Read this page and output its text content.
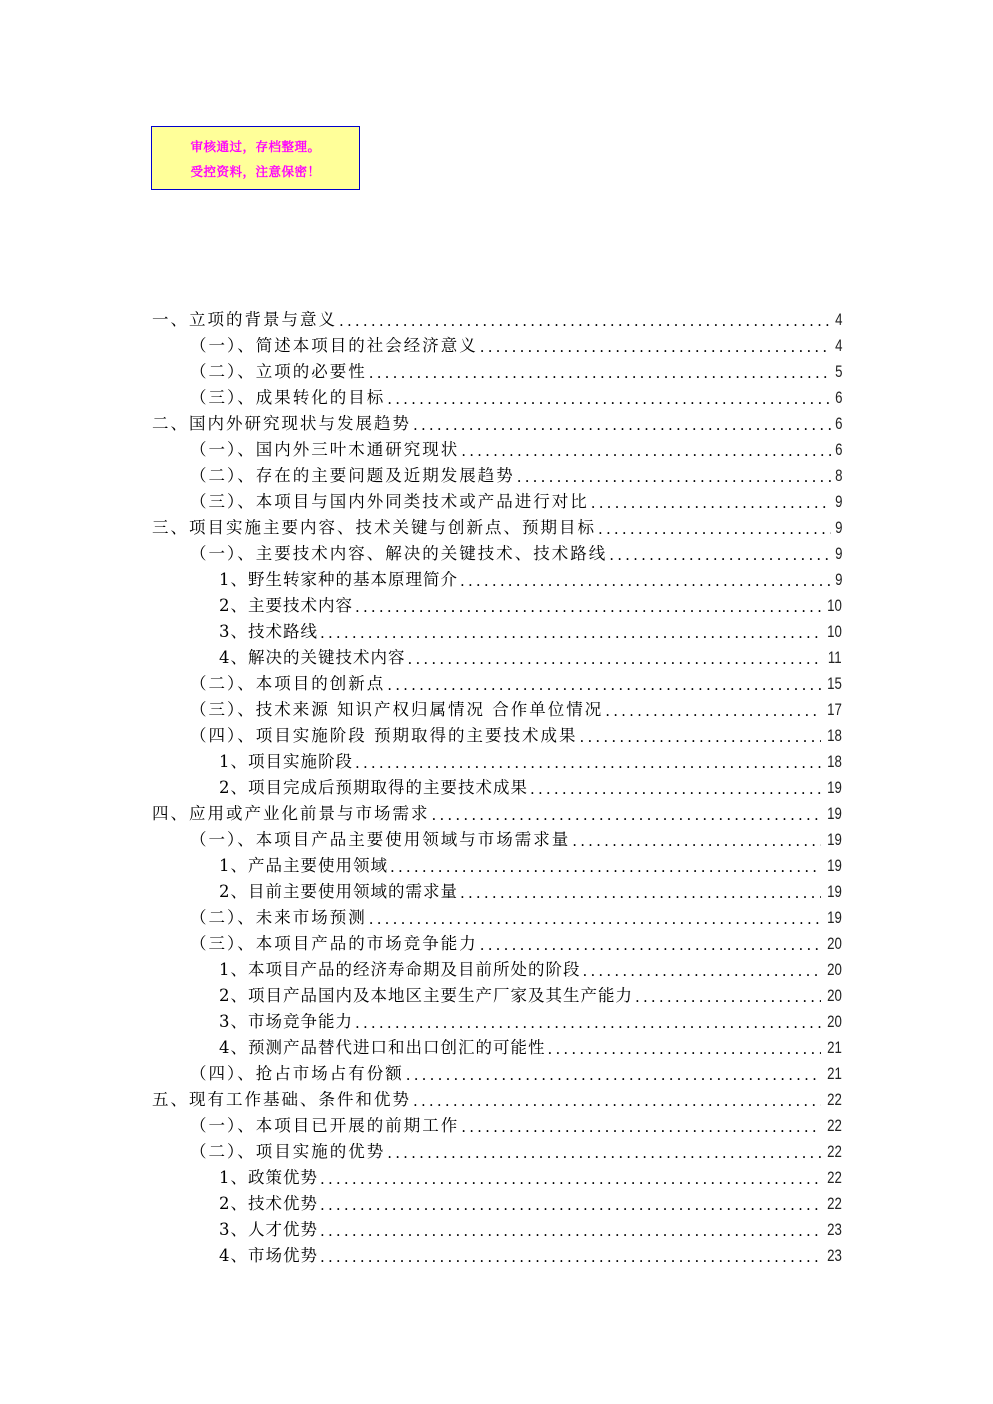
审核通过，存档整理。
受控资料，注意保密！
一、立项的背景与意义 .....	4
（一）、简述本项目的社会经济意义 .....	4
（二）、立项的必要性 .....	5
（三）、成果转化的目标 .....	6
二、国内外研究现状与发展趋势 .....	6
（一）、国内外三叶木通研究现状 .....	6
（二）、存在的主要问题及近期发展趋势 .....	8
（三）、本项目与国内外同类技术或产品进行对比 .....	9
三、项目实施主要内容、技术关键与创新点、预期目标 .....	9
（一）、主要技术内容、解决的关键技术、技术路线 .....	9
1、野生转家种的基本原理简介 .....	9
2、主要技术内容 .....	10
3、技术路线 .....	10
4、解决的关键技术内容 .....	11
（二）、本项目的创新点 .....	15
（三）、技术来源 知识产权归属情况 合作单位情况 .....	17
（四）、项目实施阶段 预期取得的主要技术成果 .....	18
1、项目实施阶段 .....	18
2、项目完成后预期取得的主要技术成果 .....	19
四、应用或产业化前景与市场需求 .....	19
（一）、本项目产品主要使用领域与市场需求量 .....	19
1、产品主要使用领域 .....	19
2、目前主要使用领域的需求量 .....	19
（二）、未来市场预测 .....	19
（三）、本项目产品的市场竞争能力 .....	20
1、本项目产品的经济寿命期及目前所处的阶段 .....	20
2、项目产品国内及本地区主要生产厂家及其生产能力 .....	20
3、市场竞争能力 .....	20
4、预测产品替代进口和出口创汇的可能性 .....	21
（四）、抢占市场占有份额 .....	21
五、现有工作基础、条件和优势 .....	22
（一）、本项目已开展的前期工作 .....	22
（二）、项目实施的优势 .....	22
1、政策优势 .....	22
2、技术优势 .....	22
3、人才优势 .....	23
4、市场优势 .....	23
